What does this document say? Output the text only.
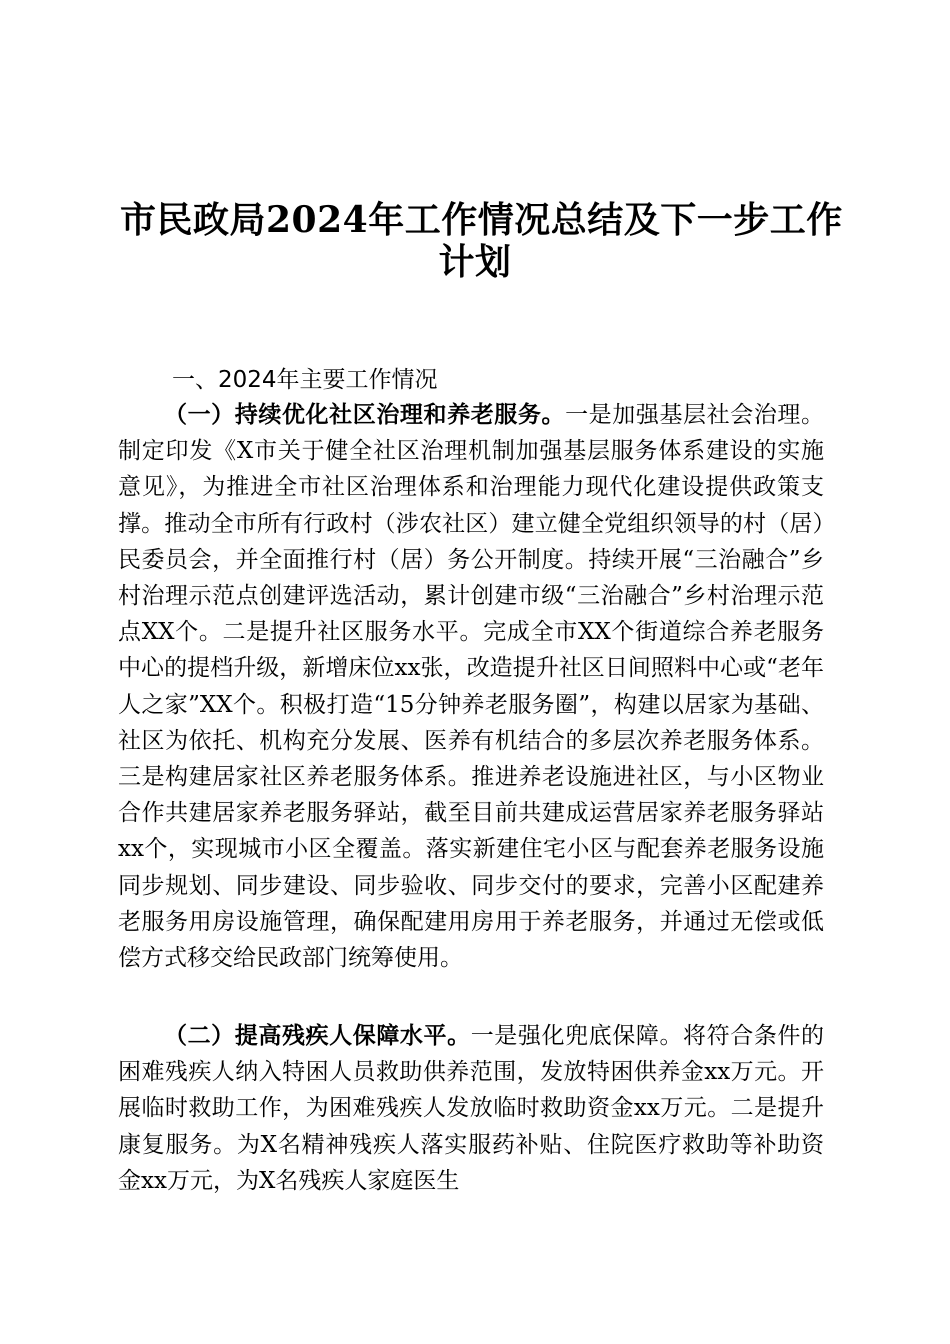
市民政局2024年工作情况总结及下一步工作
计划
一、2024年主要工作情况

（一）持续优化社区治理和养老服务。一是加强基层社会治理。制定印发《X市关于健全社区治理机制加强基层服务体系建设的实施意见》，为推进全市社区治理体系和治理能力现代化建设提供政策支撑。推动全市所有行政村（涉农社区）建立健全党组织领导的村（居）民委员会，并全面推行村（居）务公开制度。持续开展“三治融合”乡村治理示范点创建评选活动，累计创建市级“三治融合”乡村治理示范点XX个。二是提升社区服务水平。完成全市XX个街道综合养老服务中心的提档升级，新增床位xx张，改造提升社区日间照料中心或“老年人之家”XX个。积极打造“15分钟养老服务圈”，构建以居家为基础、社区为依托、机构充分发展、医养有机结合的多层次养老服务体系。三是构建居家社区养老服务体系。推进养老设施进社区，与小区物业合作共建居家养老服务驿站，截至目前共建成运营居家养老服务驿站xx个，实现城市小区全覆盖。落实新建住宅小区与配套养老服务设施同步规划、同步建设、同步验收、同步交付的要求，完善小区配建养老服务用房设施管理，确保配建用房用于养老服务，并通过无偿或低偿方式移交给民政部门统筹使用。

（二）提高残疾人保障水平。一是强化兜底保障。将符合条件的困难残疾人纳入特困人员救助供养范围，发放特困供养金xx万元。开展临时救助工作，为困难残疾人发放临时救助资金xx万元。二是提升康复服务。为X名精神残疾人落实服药补贴、住院医疗救助等补助资金xx万元，为X名残疾人家庭医生
